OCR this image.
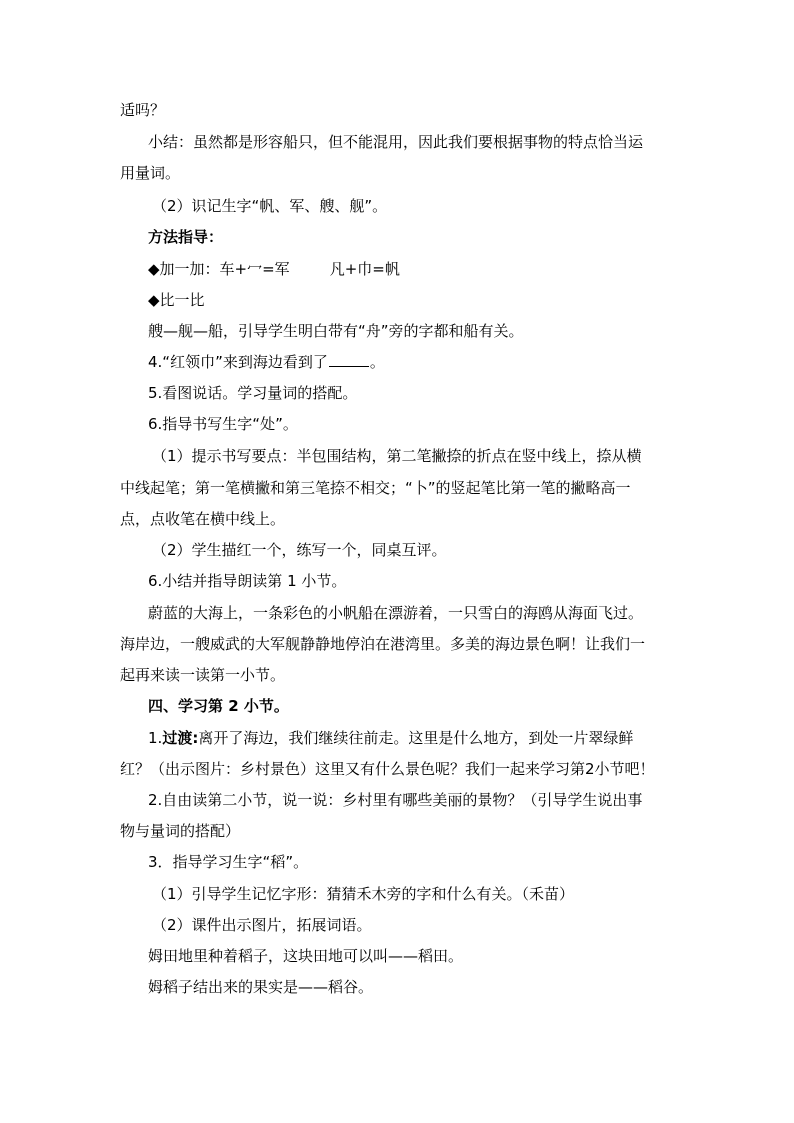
适吗？
小结：虽然都是形容船只，但不能混用，因此我们要根据事物的特点恰当运
用量词。
（2）识记生字“帆、军、艘、舰”。
方法指导：
◆加一加：车+冖=军	凡+巾=帆
◆比一比
艘—舰—船，引导学生明白带有“舟”旁的字都和船有关。
4.“红领巾”来到海边看到了	。
5.看图说话。学习量词的搭配。
6.指导书写生字“处”。
（1）提示书写要点：半包围结构，第二笔撇捺的折点在竖中线上，捺从横
中线起笔；第一笔横撇和第三笔捺不相交；“卜”的竖起笔比第一笔的撇略高一
点，点收笔在横中线上。
（2）学生描红一个，练写一个，同桌互评。
6.小结并指导朗读第 1 小节。
蔚蓝的大海上，一条彩色的小帆船在漂游着，一只雪白的海鸥从海面飞过。
海岸边，一艘威武的大军舰静静地停泊在港湾里。多美的海边景色啊！让我们一
起再来读一读第一小节。
四、学习第 2 小节。
1.过渡:离开了海边，我们继续往前走。这里是什么地方，到处一片翠绿鲜
红？（出示图片：乡村景色）这里又有什么景色呢？我们一起来学习第2小节吧！
2.自由读第二小节，说一说：乡村里有哪些美丽的景物？（引导学生说出事
物与量词的搭配）
3．指导学习生字“稻”。
（1）引导学生记忆字形：猜猜禾木旁的字和什么有关。（禾苗）
（2）课件出示图片，拓展词语。
姆田地里种着稻子，这块田地可以叫——稻田。
姆稻子结出来的果实是——稻谷。
